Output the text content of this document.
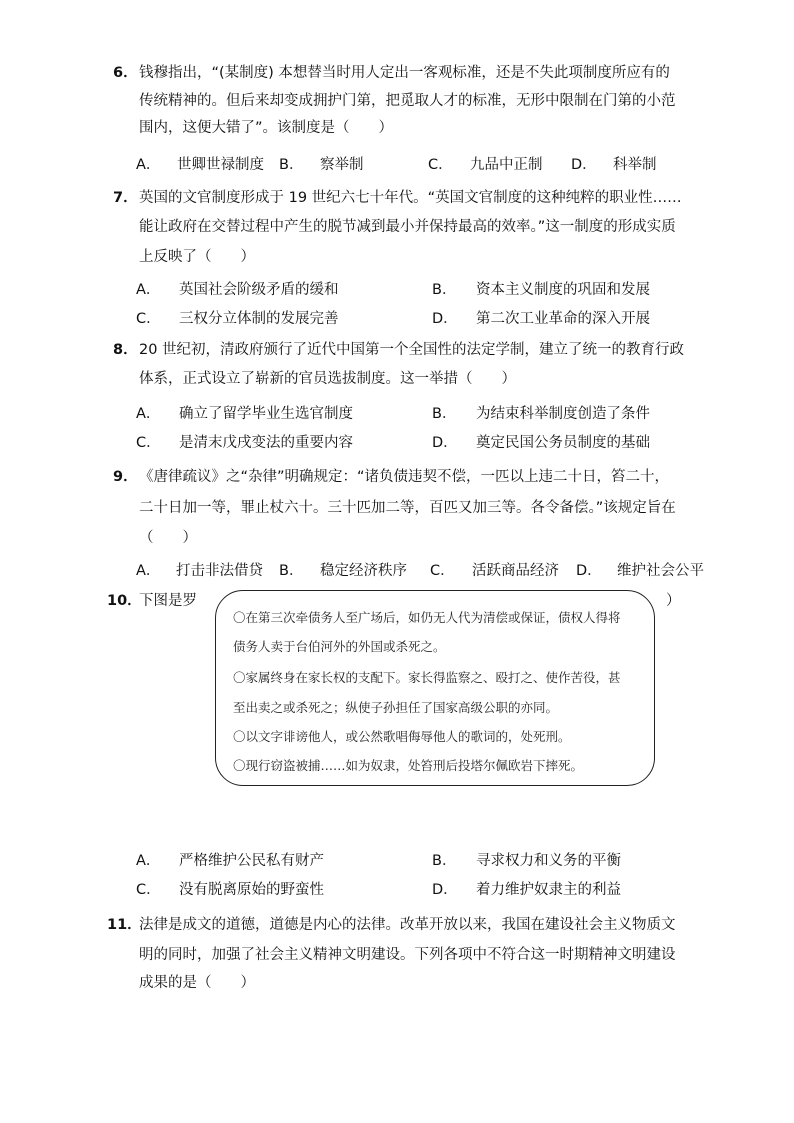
6． 钱穆指出，“(某制度) 本想替当时用人定出一客观标准，还是不失此项制度所应有的
传统精神的。但后来却变成拥护门第，把觅取人才的标准，无形中限制在门第的小范
围内，这便大错了”。该制度是（　　）
A． 世卿世禄制度 B． 察举制	C． 九品中正制 D． 科举制
7． 英国的文官制度形成于 19 世纪六七十年代。“英国文官制度的这种纯粹的职业性……
能让政府在交替过程中产生的脱节减到最小并保持最高的效率。”这一制度的形成实质
上反映了（　　）
A． 英国社会阶级矛盾的缓和	B． 资本主义制度的巩固和发展
C． 三权分立体制的发展完善	D． 第二次工业革命的深入开展
8． 20 世纪初，清政府颁行了近代中国第一个全国性的法定学制，建立了统一的教育行政
体系，正式设立了崭新的官员选拔制度。这一举措（　　）
A． 确立了留学毕业生选官制度	B． 为结束科举制度创造了条件
C． 是清末戊戌变法的重要内容	D． 奠定民国公务员制度的基础
9． 《唐律疏议》之“杂律”明确规定：“诸负债违契不偿，一匹以上违二十日，笞二十，
二十日加一等，罪止杖六十。三十匹加二等，百匹又加三等。各令备偿。”该规定旨在
（　　）
A． 打击非法借贷 B． 稳定经济秩序 C． 活跃商品经济 D． 维护社会公平
10．
下图是罗	）
〇在第三次牵债务人至广场后，如仍无人代为清偿或保证，债权人得将
债务人卖于台伯河外的外国或杀死之。
〇家属终身在家长权的支配下。家长得监察之、殴打之、使作苦役，甚
至出卖之或杀死之；纵使子孙担任了国家高级公职的亦同。
〇以文字诽谤他人，或公然歌唱侮辱他人的歌词的，处死刑。
〇现行窃盗被捕……如为奴隶，处笞刑后投塔尔佩欧岩下摔死。
A． 严格维护公民私有财产	B． 寻求权力和义务的平衡
C． 没有脱离原始的野蛮性	D． 着力维护奴隶主的利益
11．
法律是成文的道德，道德是内心的法律。改革开放以来，我国在建设社会主义物质文
明的同时，加强了社会主义精神文明建设。下列各项中不符合这一时期精神文明建设
成果的是（　　）
